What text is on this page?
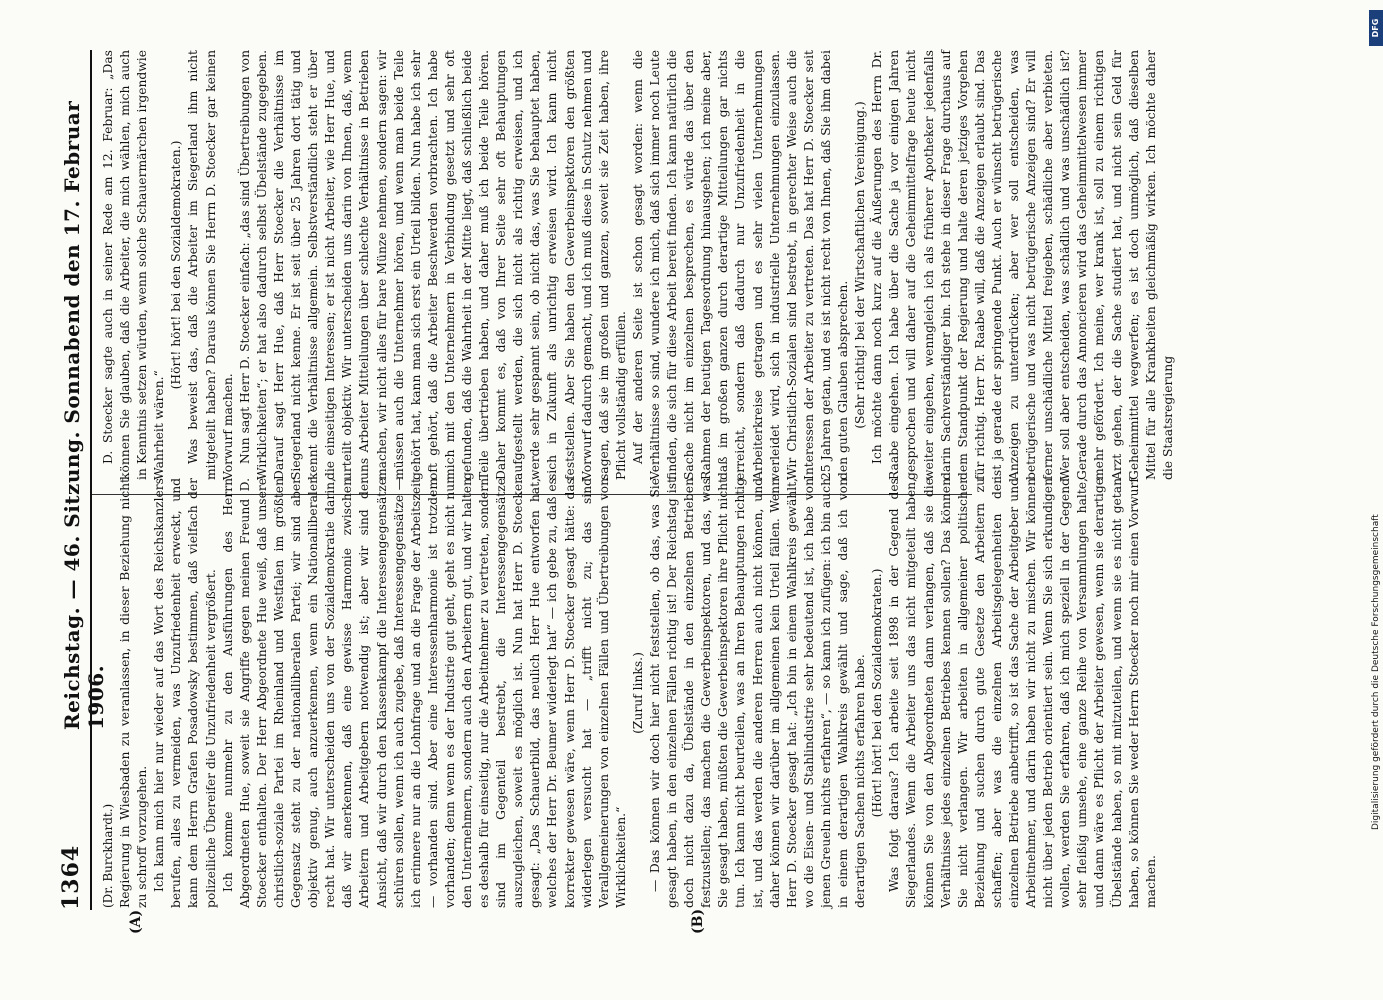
1364
Reichstag. — 46. Sitzung. Sonnabend den 17. Februar 1906.
(A)	(B)

(Dr. Burckhardt.) Regierung in Wiesbaden zu veranlassen, in dieser Beziehung nicht zu schroff vorzugehen. Ich kann mich hier nur wieder auf das Wort des Reichskanzlers berufen, alles zu vermeiden, was Unzufriedenheit erweckt, und kann dem Herrn Grafen Posadowsky bestimmen, daß vielfach der polizeiliche Übereifer die Unzufriedenheit vergrößert. Ich komme nunmehr zu den Ausführungen des Herrn Abgeordneten Hue, soweit sie Angriffe gegen meinen Freund D. Stoecker enthalten. Der Herr Abgeordnete Hue weiß, daß unsere christlich-soziale Partei im Rheinland und Westfalen im größten Gegensatz steht zu der nationalliberalen Partei; wir sind aber objektiv genug, auch anzuerkennen, wenn ein Nationalliberaler recht hat. Wir unterscheiden uns von der Sozialdemokratie darin, daß wir anerkennen, daß eine gewisse Harmonie zwischen Arbeitern und Arbeitgebern notwendig ist; aber wir sind der Ansicht, daß wir durch den Klassenkampf die Interessengegensätze schüren sollen, wenn ich auch zugebe, daß Interessengegensätze — ich erinnere nur an die Lohnfrage und an die Frage der Arbeitszeit — vorhanden sind. Aber eine Interessenharmonie ist trotzdem vorhanden; denn wenn es der Industrie gut geht, geht es nicht nur den Unternehmern, sondern auch den Arbeitern gut, und wir halten es deshalb für einseitig, nur die Arbeitnehmer zu vertreten, sondern sind im Gegenteil bestrebt, die Interessengegensätze auszugleichen, soweit es möglich ist. Nun hat Herr D. Stoecker gesagt: „Das Schauerbild, das neulich Herr Hue entworfen hat, welches der Herr Dr. Beumer widerlegt hat“ — ich gebe zu, daß es korrekter gewesen wäre, wenn Herr D. Stoecker gesagt hätte: das widerlegen versucht hat — „trifft nicht zu; das sind Verallgemeinerungen von einzelnen Fällen und Übertreibungen von Wirklichkeiten.“

(Zuruf links.) — Das können wir doch hier nicht feststellen, ob das, was Sie gesagt haben, in den einzelnen Fällen richtig ist! Der Reichstag ist doch nicht dazu da, Übelstände in den einzelnen Betrieben festzustellen; das machen die Gewerbeinspektoren, und das, was Sie gesagt haben, müßten die Gewerbeinspektoren ihre Pflicht nicht tun. Ich kann nicht beurteilen, was an Ihren Behauptungen richtig ist, und das werden die anderen Herren auch nicht können, und daher können wir darüber im allgemeinen kein Urteil fällen. Wenn Herr D. Stoecker gesagt hat: „Ich bin in einem Wahlkreis gewählt, wo die Eisen- und Stahlindustrie sehr bedeutend ist, ich habe von jenen Greueln nichts erfahren“, — so kann ich zufügen: ich bin auch in einem derartigen Wahlkreis gewählt und sage, daß ich von derartigen Sachen nichts erfahren habe. (Hört! hört! bei den Sozialdemokraten.) Was folgt daraus? Ich arbeite seit 1898 in der Gegend des Siegerlandes. Wenn die Arbeiter uns das nicht mitgeteilt haben, können Sie von den Abgeordneten dann verlangen, daß sie die Verhältnisse jedes einzelnen Betriebes kennen sollen? Das können Sie nicht verlangen. Wir arbeiten in allgemeiner politischer Beziehung und suchen durch gute Gesetze den Arbeitern zu schaffen; aber was die einzelnen Arbeitsgelegenheiten der einzelnen Betriebe anbetrifft, so ist das Sache der Arbeitgeber und Arbeitnehmer, und darin haben wir nicht zu mischen. Wir können nicht über jeden Betrieb orientiert sein. Wenn Sie sich erkundigen wollen, werden Sie erfahren, daß ich mich speziell in der Gegend sehr fleißig umsehe, eine ganze Reihe von Versammlungen halte, und dann wäre es Pflicht der Arbeiter gewesen, wenn sie derartige Übelstände haben, so mit mitzuteilen, und wenn sie es nicht getan haben, so können Sie weder Herrn Stoecker noch mir einen Vorwurf machen.

D. Stoecker sagte auch in seiner Rede am 12. Februar: „Das können Sie glauben, daß die Arbeiter, die mich wählen, mich auch in Kenntnis setzen würden, wenn solche Schauermärchen irgendwie Wahrheit wären.“

(Hört! hört! bei den Sozialdemokraten.) Was beweist das, daß die Arbeiter im Siegerland ihm nicht mitgeteilt haben? Daraus können Sie Herrn D. Stoecker gar keinen Vorwurf machen. Nun sagt Herr D. Stoecker einfach: „das sind Übertreibungen von Wirklichkeiten“; er hat also dadurch selbst Übelstände zugegeben. Darauf sagt Herr Hue, daß Herr Stoecker die Verhältnisse im Siegerland nicht kenne. Er ist seit über 25 Jahren dort tätig und kennt die Verhältnisse allgemein. Selbstverständlich steht er über die einseitigen Interessen; er ist nicht Arbeiter, wie Herr Hue, und urteilt objektiv. Wir unterscheiden uns darin von Ihnen, daß, wenn uns Arbeiter Mitteilungen über schlechte Verhältnisse in Betrieben machen, wir nicht alles für bare Münze nehmen, sondern sagen: wir müssen auch die Unternehmer hören, und wenn man beide Teile gehört hat, kann man sich erst ein Urteil bilden. Nun habe ich sehr oft gehört, daß die Arbeiter Beschwerden vorbrachten. Ich habe mich mit den Unternehmern in Verbindung gesetzt und sehr oft gefunden, daß die Wahrheit in der Mitte liegt, daß schließlich beide Teile übertrieben haben, und daher muß ich beide Teile hören. Daher kommt es, daß von Ihrer Seite sehr oft Behauptungen aufgestellt werden, die sich nicht als richtig erweisen, und ich werde sehr gespannt sein, ob nicht das, was Sie behauptet haben, sich in Zukunft als unrichtig erweisen wird. Ich kann nicht feststellen. Aber Sie haben den Gewerbeinspektoren den größten Vorwurf dadurch gemacht, und ich muß diese in Schutz nehmen und sagen, daß sie im großen und ganzen, soweit sie Zeit haben, ihre Pflicht vollständig erfüllen. Auf der anderen Seite ist schon gesagt worden: wenn die Verhältnisse so sind, wundere ich mich, daß sich immer noch Leute finden, die sich für diese Arbeit bereit finden. Ich kann natürlich die Sache nicht im einzelnen besprechen, es würde das über den Rahmen der heutigen Tagesordnung hinausgehen; ich meine aber, daß im großen ganzen durch derartige Mitteilungen gar nichts erreicht, sondern daß dadurch nur Unzufriedenheit in die Arbeiterkreise getragen und es sehr vielen Unternehmungen verleidet wird, sich in industrielle Unternehmungen einzulassen. Wir Christlich-Sozialen sind bestrebt, in gerechter Weise auch die Interessen der Arbeiter zu vertreten. Das hat Herr D. Stoecker seit 25 Jahren getan, und es ist nicht recht von Ihnen, daß Sie ihm dabei den guten Glauben absprechen. (Sehr richtig! bei der Wirtschaftlichen Vereinigung.) Ich möchte dann noch kurz auf die Äußerungen des Herrn Dr. Raabe eingehen. Ich habe über die Sache ja vor einigen Jahren gesprochen und will daher auf die Geheimmittelfrage heute nicht weiter eingehen, wenngleich ich als früherer Apotheker jedenfalls darin Sachverständiger bin. Ich stehe in dieser Frage durchaus auf dem Standpunkt der Regierung und halte deren jetziges Vorgehen für richtig. Herr Dr. Raabe will, daß die Anzeigen erlaubt sind. Das ist ja gerade der springende Punkt. Auch er wünscht betrügerische Anzeigen zu unterdrücken; aber wer soll entscheiden, was betrügerische und was nicht betrügerische Anzeigen sind? Er will ferner unschädliche Mittel freigeben, schädliche aber verbieten. Wer soll aber entscheiden, was schädlich und was unschädlich ist? Gerade durch das Annoncieren wird das Geheimmittelwesen immer mehr gefördert. Ich meine, wer krank ist, soll zu einem richtigen Arzt gehen, der die Sache studiert hat, und nicht sein Geld für Geheimmittel wegwerfen; es ist doch unmöglich, daß dieselben Mittel für alle Krankheiten gleichmäßig wirken. Ich möchte daher die Staatsregierung

DFG
Digitalisierung gefördert durch die Deutsche Forschungsgemeinschaft
